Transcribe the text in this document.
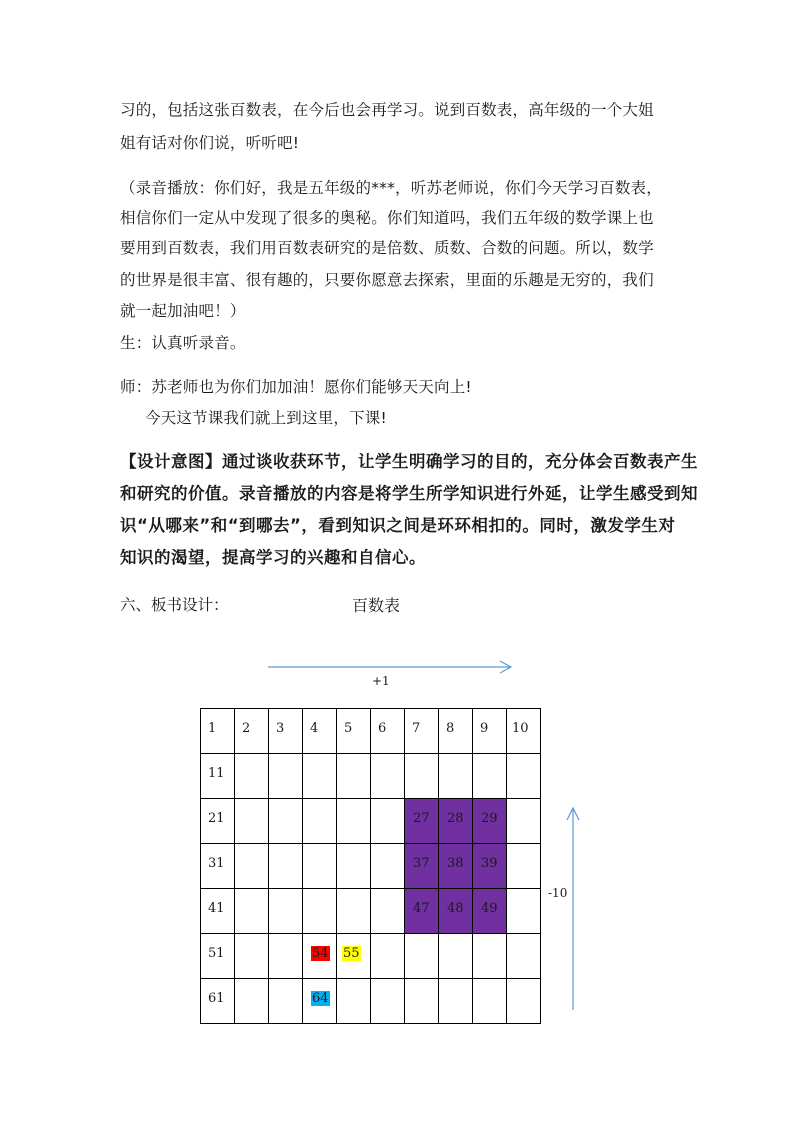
习的，包括这张百数表，在今后也会再学习。说到百数表，高年级的一个大姐
姐有话对你们说，听听吧!
（录音播放：你们好，我是五年级的***，听苏老师说，你们今天学习百数表，
相信你们一定从中发现了很多的奥秘。你们知道吗，我们五年级的数学课上也
要用到百数表，我们用百数表研究的是倍数、质数、合数的问题。所以，数学
的世界是很丰富、很有趣的，只要你愿意去探索，里面的乐趣是无穷的，我们
就一起加油吧！）
生：认真听录音。
师：苏老师也为你们加加油！愿你们能够天天向上!
今天这节课我们就上到这里，下课!
【设计意图】通过谈收获环节，让学生明确学习的目的，充分体会百数表产生
和研究的价值。录音播放的内容是将学生所学知识进行外延，让学生感受到知
识“从哪来”和“到哪去”，看到知识之间是环环相扣的。同时，激发学生对
知识的渴望，提高学习的兴趣和自信心。
六、板书设计：	百数表
+1
-10
1	2	3	4	5	6	7	8	9	10

11									

21						27	28	29	

31						37	38	39	

41						47	48	49	

51			54	55					

61			64						
